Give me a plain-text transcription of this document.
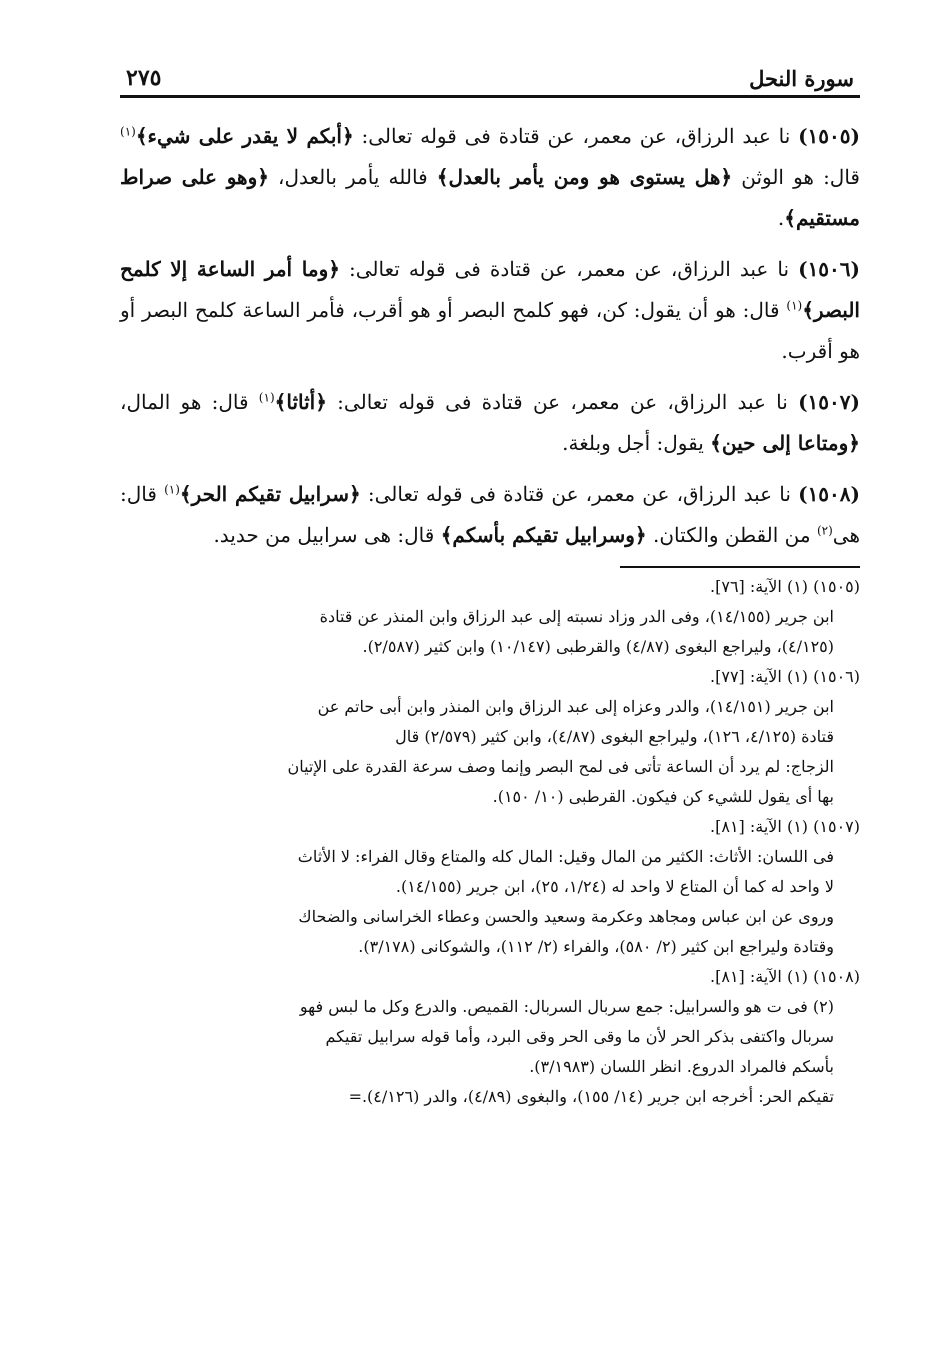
سورة النحل
٢٧٥

(١٥٠٥) نا عبد الرزاق، عن معمر، عن قتادة فى قوله تعالى: ﴿أبكم لا يقدر على شيء﴾$^{(١)}$ قال: هو الوثن ﴿هل يستوى هو ومن يأمر بالعدل﴾ فالله يأمر بالعدل، ﴿وهو على صراط مستقيم﴾.

(١٥٠٦) نا عبد الرزاق، عن معمر، عن قتادة فى قوله تعالى: ﴿وما أمر الساعة إلا كلمح البصر﴾$^{(١)}$ قال: هو أن يقول: كن، فهو كلمح البصر أو هو أقرب، فأمر الساعة كلمح البصر أو هو أقرب.

(١٥٠٧) نا عبد الرزاق، عن معمر، عن قتادة فى قوله تعالى: ﴿أثاثا﴾$^{(١)}$ قال: هو المال، ﴿ومتاعا إلى حين﴾ يقول: أجل وبلغة.

(١٥٠٨) نا عبد الرزاق، عن معمر، عن قتادة فى قوله تعالى: ﴿سرابيل تقيكم الحر﴾$^{(١)}$ قال: هى$^{(٢)}$ من القطن والكتان. ﴿وسرابيل تقيكم بأسكم﴾ قال: هى سرابيل من حديد.

(١٥٠٥) (١) الآية: [٧٦].
ابن جرير (١٤/١٥٥)، وفى الدر وزاد نسبته إلى عبد الرزاق وابن المنذر عن قتادة
(٤/١٢٥)، وليراجع البغوى (٤/٨٧) والقرطبى (١٠/١٤٧) وابن كثير (٢/٥٨٧).
(١٥٠٦) (١) الآية: [٧٧].
ابن جرير (١٤/١٥١)، والدر وعزاه إلى عبد الرزاق وابن المنذر وابن أبى حاتم عن
قتادة (٤/١٢٥، ١٢٦)، وليراجع البغوى (٤/٨٧)، وابن كثير (٢/٥٧٩) قال
الزجاج: لم يرد أن الساعة تأتى فى لمح البصر وإنما وصف سرعة القدرة على الإتيان
بها أى يقول للشيء كن فيكون. القرطبى (١٠/ ١٥٠).
(١٥٠٧) (١) الآية: [٨١].
فى اللسان: الأثاث: الكثير من المال وقيل: المال كله والمتاع وقال الفراء: لا الأثاث
لا واحد له كما أن المتاع لا واحد له (١/٢٤، ٢٥)، ابن جرير (١٤/١٥٥).
وروى عن ابن عباس ومجاهد وعكرمة وسعيد والحسن وعطاء الخراسانى والضحاك
وقتادة وليراجع ابن كثير (٢/ ٥٨٠)، والفراء (٢/ ١١٢)، والشوكانى (٣/١٧٨).
(١٥٠٨) (١) الآية: [٨١].
(٢) فى ت هو والسرابيل: جمع سربال السربال: القميص. والدرع وكل ما لبس فهو
سربال واكتفى بذكر الحر لأن ما وقى الحر وقى البرد، وأما قوله سرابيل تقيكم
بأسكم فالمراد الدروع. انظر اللسان (٣/١٩٨٣).
تقيكم الحر: أخرجه ابن جرير (١٤/ ١٥٥)، والبغوى (٤/٨٩)، والدر (٤/١٢٦).=
